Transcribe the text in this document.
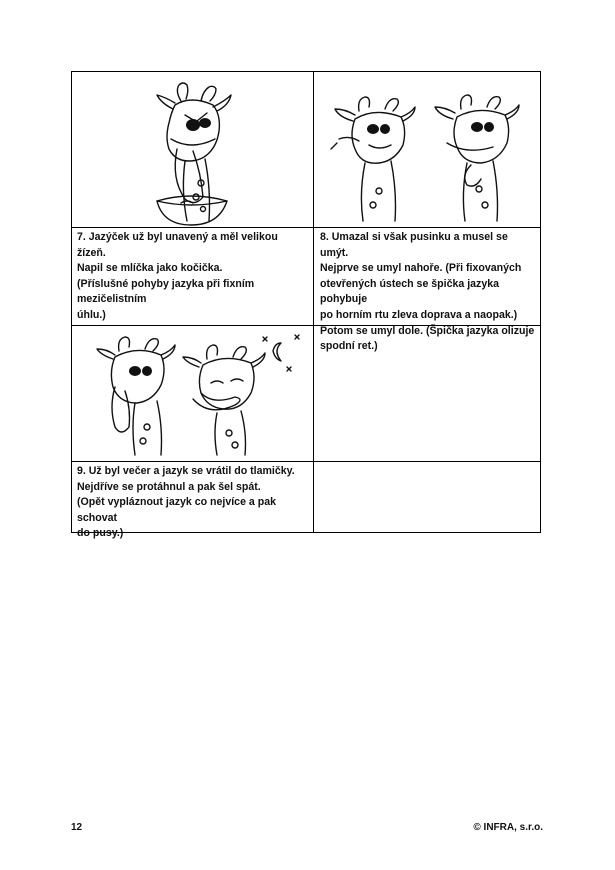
7. Jazýček už byl unavený a měl velikou žízeň.

Napil se mlíčka jako kočička.

(Příslušné pohyby jazyka při fixním mezičelistním

úhlu.)

8. Umazal si však pusinku a musel se umýt.

Nejprve se umyl nahoře. (Při fixovaných

otevřených ústech se špička jazyka pohybuje

po horním rtu zleva doprava a naopak.)

Potom se umyl dole. (Špička jazyka olizuje

spodní ret.)

9. Už byl večer a jazyk se vrátil do tlamičky.

Nejdříve se protáhnul a pak šel spát.

(Opět vypláznout jazyk co nejvíce a pak schovat

do pusy.)

12	© INFRA, s.r.o.
